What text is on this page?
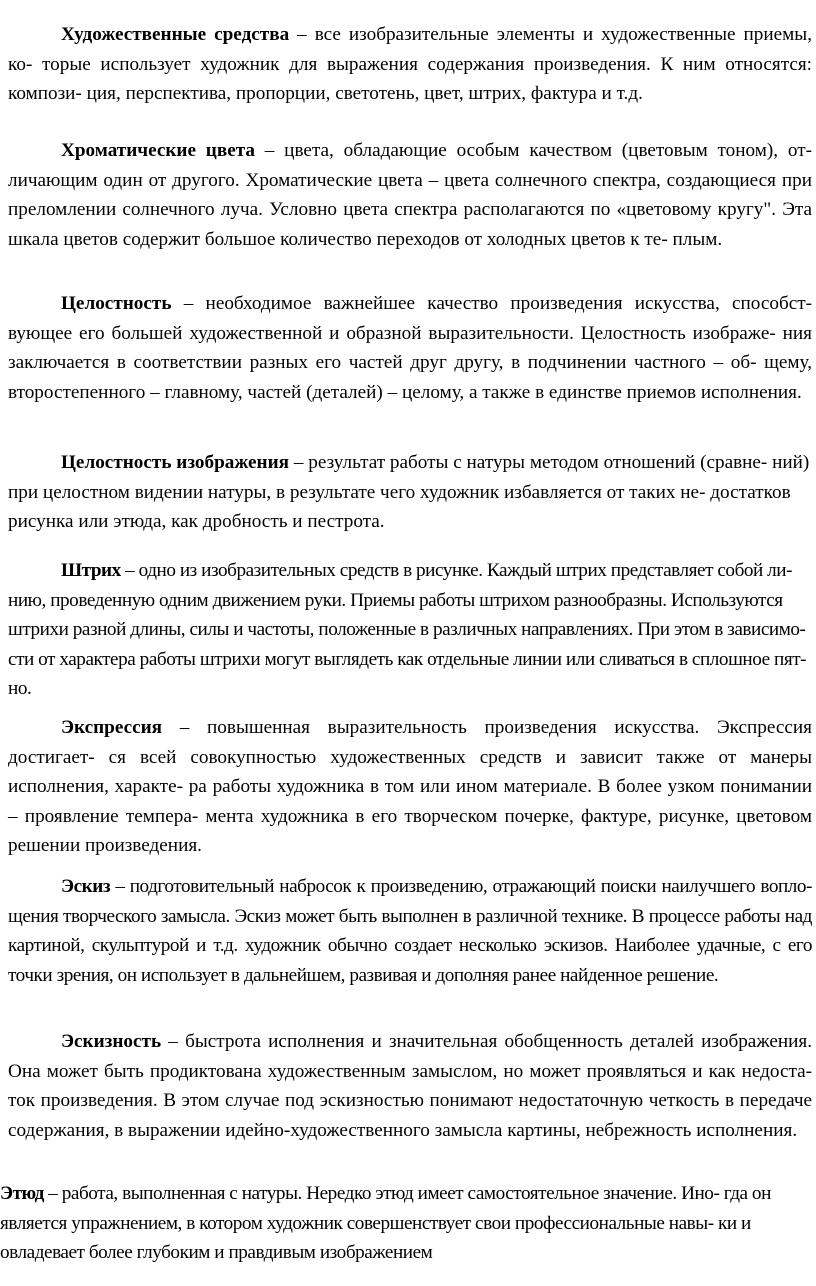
Художественные средства – все изобразительные элементы и художественные приемы, ко- торые использует художник для выражения содержания произведения. К ним относятся: компози- ция, перспектива, пропорции, светотень, цвет, штрих, фактура и т.д.

Хроматические цвета – цвета, обладающие особым качеством (цветовым тоном), от- личающим один от другого. Хроматические цвета – цвета солнечного спектра, создающиеся при преломлении солнечного луча. Условно цвета спектра располагаются по «цветовому кругу". Эта шкала цветов содержит большое количество переходов от холодных цветов к те- плым.

Целостность – необходимое важнейшее качество произведения искусства, способст- вующее его большей художественной и образной выразительности. Целостность изображе- ния заключается в соответствии разных его частей друг другу, в подчинении частного – об- щему, второстепенного – главному, частей (деталей) – целому, а также в единстве приемов исполнения.

Целостность изображения – результат работы с натуры методом отношений (сравне- ний) при целостном видении натуры, в результате чего художник избавляется от таких не- достатков рисунка или этюда, как дробность и пестрота.

Штрих – одно из изобразительных средств в рисунке. Каждый штрих представляет собой ли- нию, проведенную одним движением руки. Приемы работы штрихом разнообразны. Используются штрихи разной длины, силы и частоты, положенные в различных направлениях. При этом в зависимо- сти от характера работы штрихи могут выглядеть как отдельные линии или сливаться в сплошное пят- но.

Экспрессия – повышенная выразительность произведения искусства. Экспрессия достигает- ся всей совокупностью художественных средств и зависит также от манеры исполнения, характе- ра работы художника в том или ином материале. В более узком понимании – проявление темпера- мента художника в его творческом почерке, фактуре, рисунке, цветовом решении произведения.

Эскиз – подготовительный набросок к произведению, отражающий поиски наилучшего вопло- щения творческого замысла. Эскиз может быть выполнен в различной технике. В процессе работы над картиной, скульптурой и т.д. художник обычно создает несколько эскизов. Наиболее удачные, с его точки зрения, он использует в дальнейшем, развивая и дополняя ранее найденное решение.

Эскизность – быстрота исполнения и значительная обобщенность деталей изображения. Она может быть продиктована художественным замыслом, но может проявляться и как недоста- ток произведения. В этом случае под эскизностью понимают недостаточную четкость в передаче содержания, в выражении идейно-художественного замысла картины, небрежность исполнения.

Этюд – работа, выполненная с натуры. Нередко этюд имеет самостоятельное значение. Ино- гда он является упражнением, в котором художник совершенствует свои профессиональные навы- ки и овладевает более глубоким и правдивым изображением
